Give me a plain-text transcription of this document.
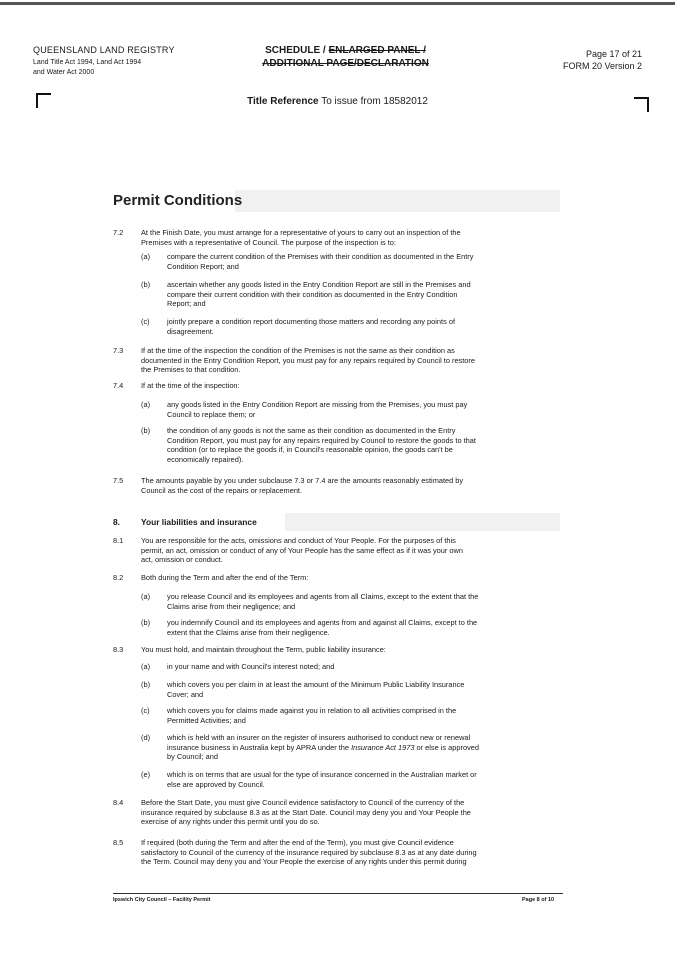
QUEENSLAND LAND REGISTRY
Land Title Act 1994, Land Act 1994
and Water Act 2000
SCHEDULE / ENLARGED PANEL /
ADDITIONAL PAGE/DECLARATION
Page 17 of 21
FORM 20 Version 2
Title Reference To issue from 18582012
Permit Conditions
7.2 At the Finish Date, you must arrange for a representative of yours to carry out an inspection of the
Premises with a representative of Council. The purpose of the inspection is to:
(a) compare the current condition of the Premises with their condition as documented in the Entry
Condition Report; and
(b) ascertain whether any goods listed in the Entry Condition Report are still in the Premises and
compare their current condition with their condition as documented in the Entry Condition
Report; and
(c) jointly prepare a condition report documenting those matters and recording any points of
disagreement.
7.3 If at the time of the inspection the condition of the Premises is not the same as their condition as
documented in the Entry Condition Report, you must pay for any repairs required by Council to restore
the Premises to that condition.
7.4 If at the time of the inspection:
(a) any goods listed in the Entry Condition Report are missing from the Premises, you must pay
Council to replace them; or
(b) the condition of any goods is not the same as their condition as documented in the Entry
Condition Report, you must pay for any repairs required by Council to restore the goods to that
condition (or to replace the goods if, in Council's reasonable opinion, the goods can't be
economically repaired).
7.5 The amounts payable by you under subclause 7.3 or 7.4 are the amounts reasonably estimated by
Council as the cost of the repairs or replacement.
8.	Your liabilities and insurance
8.1 You are responsible for the acts, omissions and conduct of Your People. For the purposes of this
permit, an act, omission or conduct of any of Your People has the same effect as if it was your own
act, omission or conduct.
8.2 Both during the Term and after the end of the Term:
(a) you release Council and its employees and agents from all Claims, except to the extent that the
Claims arise from their negligence; and
(b) you indemnify Council and its employees and agents from and against all Claims, except to the
extent that the Claims arise from their negligence.
8.3 You must hold, and maintain throughout the Term, public liability insurance:
(a) in your name and with Council's interest noted; and
(b) which covers you per claim in at least the amount of the Minimum Public Liability Insurance
Cover; and
(c) which covers you for claims made against you in relation to all activities comprised in the
Permitted Activities; and
(d) which is held with an insurer on the register of insurers authorised to conduct new or renewal
insurance business in Australia kept by APRA under the Insurance Act 1973 or else is approved
by Council; and
(e) which is on terms that are usual for the type of insurance concerned in the Australian market or
else are approved by Council.
8.4 Before the Start Date, you must give Council evidence satisfactory to Council of the currency of the
insurance required by subclause 8.3 as at the Start Date. Council may deny you and Your People the
exercise of any rights under this permit until you do so.
8.5 If required (both during the Term and after the end of the Term), you must give Council evidence
satisfactory to Council of the currency of the insurance required by subclause 8.3 as at any date during
the Term. Council may deny you and Your People the exercise of any rights under this permit during
Ipswich City Council – Facility Permit	Page 8 of 10
